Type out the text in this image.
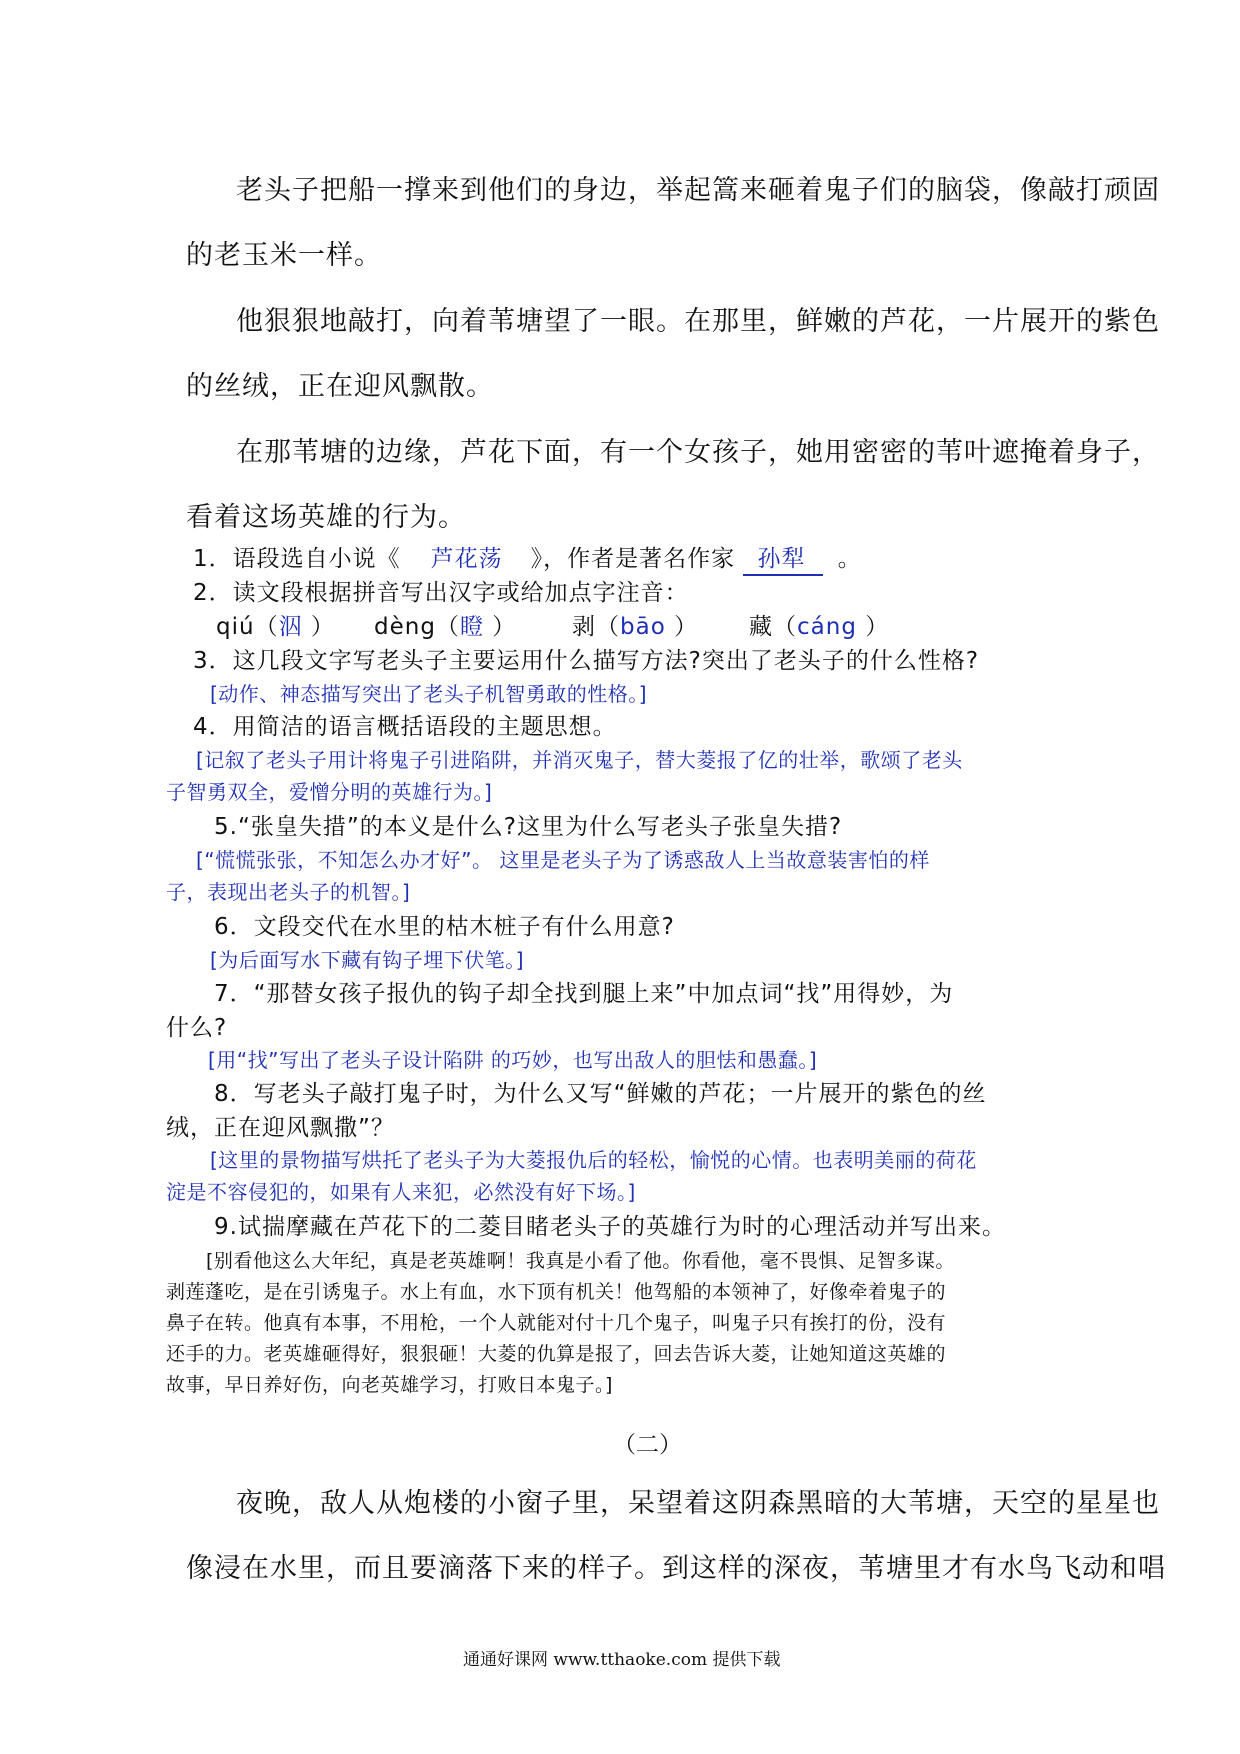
老头子把船一撑来到他们的身边，举起篙来砸着鬼子们的脑袋，像敲打顽固
的老玉米一样。
他狠狠地敲打，向着苇塘望了一眼。在那里，鲜嫩的芦花，一片展开的紫色
的丝绒，正在迎风飘散。
在那苇塘的边缘，芦花下面，有一个女孩子，她用密密的苇叶遮掩着身子，
看着这场英雄的行为。
1．语段选自小说《 芦花荡 》，作者是著名作家 孙犁 。
2．读文段根据拼音写出汉字或给加点字注音：
qiú（泅 ） dèng（瞪 ） 剥（bāo ） 藏（cáng ）
3．这几段文字写老头子主要运用什么描写方法?突出了老头子的什么性格?
[动作、神态描写突出了老头子机智勇敢的性格。]
4．用简洁的语言概括语段的主题思想。
[记叙了老头子用计将鬼子引进陷阱，并消灭鬼子，替大菱报了亿的壮举，歌颂了老头
子智勇双全，爱憎分明的英雄行为。]
5.“张皇失措”的本义是什么?这里为什么写老头子张皇失措?
[“慌慌张张，不知怎么办才好”。 这里是老头子为了诱惑敌人上当故意装害怕的样
子，表现出老头子的机智。]
6．文段交代在水里的枯木桩子有什么用意?
[为后面写水下藏有钩子埋下伏笔。]
7．“那替女孩子报仇的钩子却全找到腿上来”中加点词“找”用得妙，为
什么?
[用“找”写出了老头子设计陷阱 的巧妙，也写出敌人的胆怯和愚蠢。]
8．写老头子敲打鬼子时，为什么又写“鲜嫩的芦花；一片展开的紫色的丝
绒，正在迎风飘撒”？
[这里的景物描写烘托了老头子为大菱报仇后的轻松，愉悦的心情。也表明美丽的荷花
淀是不容侵犯的，如果有人来犯，必然没有好下场。]
9.试揣摩藏在芦花下的二菱目睹老头子的英雄行为时的心理活动并写出来。
[别看他这么大年纪，真是老英雄啊！我真是小看了他。你看他，毫不畏惧、足智多谋。
剥莲蓬吃，是在引诱鬼子。水上有血，水下顶有机关！他驾船的本领神了，好像牵着鬼子的
鼻子在转。他真有本事，不用枪，一个人就能对付十几个鬼子，叫鬼子只有挨打的份，没有
还手的力。老英雄砸得好，狠狠砸！大菱的仇算是报了，回去告诉大菱，让她知道这英雄的
故事，早日养好伤，向老英雄学习，打败日本鬼子。]
（二）
夜晚，敌人从炮楼的小窗子里，呆望着这阴森黑暗的大苇塘，天空的星星也
像浸在水里，而且要滴落下来的样子。到这样的深夜，苇塘里才有水鸟飞动和唱
通通好课网 www.tthaoke.com 提供下载
